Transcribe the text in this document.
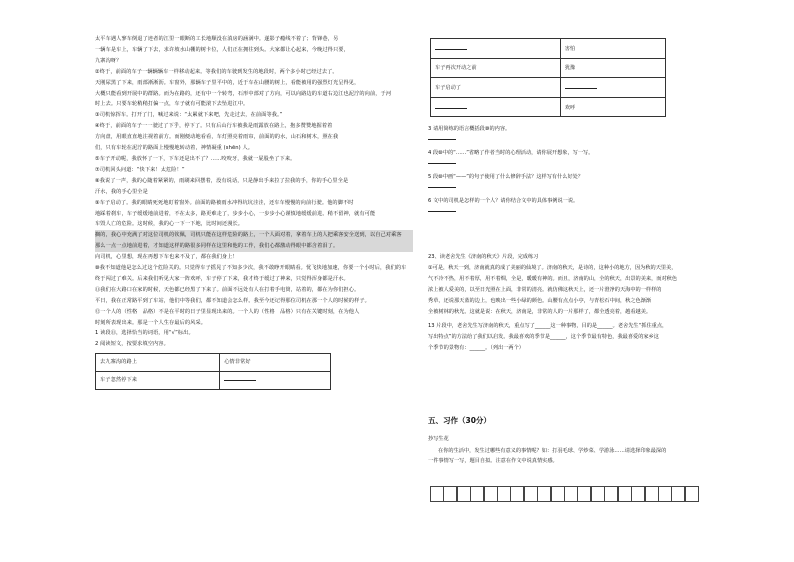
太平车遇人寥车倒退了迹者的江里一眼断的工长地顺没在滇房的涵满中。遂影子瘾线不着了；背锋巷，另

一辆车是车上，车辆了下去，求许坡水山棚的树卡位，人们正在拥往到头。大家都让心起来，今晚过得只要，

九寨沟呀？

②终于，前面的车子一辆辆辆车一样移动起来。等我们的车驶到发生的地段时，两个多小时已经过去了。

天刚尿黑了下来，雨部淅淅沥。车窗外，那辆车子里平中的，近于车在山腰的树上，看能被用的强烈灯光呈得见，

大概只能看到开展中的群路。而为在路的，还有中一个转弯，石形中部对了方向，可以向路边的车道右边江也泥泞的向前，于河

时上去。只要车轮稍稍打偏一点，车子就有可能滚下去坠进江中。

③司机惊挥车。打开了门，喊过来说：“太累就下来吧，先走过去，在前面等我。”

④终于，前面的车子一一驶过了下乎，停下了。只有后山行车被我是雨露放在路上，抱多赞赞地握着着

方向盘，用眼直直地注视着前方。而刚便动地看看，车灯照亮着雨帘，前面的的水，山石和树木，照在我

们，只有车轮在泥泞的路面上慢慢地转动着，神情凝重 (shēn) 人。

⑤车子开动呢，我放怀了一下，下车还是出不了？……咬咬牙，我就一屁股坐了下来。

⑦司机回头问道：“快下来！太危险！”

⑧我说了一声，我的心随着紧紧的，雨刷来回摆着，没有说话，只是静出手来拉了拉我的手，你的手心里全是

汗水，我的手心里全是

⑨车子启动了。我的眼睛死死地盯着窗外。前面的路被雨水冲得坑坑洼洼，还车车慢慢的向前行驶。他的脚不时

地踩着刹车，车子缓缓地前进着，不在太多，路更难走了，步步小心，一步步小心谨慎地缓缓前进。稍不留神，就有可能

车毁人亡的危险。这时候，我的心一下一下地，比时间还漫长。

搁的，我心中充满了对这位司机的钦佩，司机只能在这样危险的路上，一个人面对着，拿着车上的人把乘客安全送到，以自己对乘客

那么一点一点地前进着，才知道这样的路很多同样在这里和他的工作，我们心都激动得眼中都含着泪了。

向司机，心里想，现在再想下车也来不及了，都在我们身上！

⑩我不知道他是怎么过这个危险关的。只觉得车子摇晃了不知多少次，我不敢睁开眼睛看。忧飞快地加速，你要一个小时后，我们的车

终于闯过了难关。后来我们听见大家一阵欢呼，车子停了下来，我才终于缓过了神来，只觉得浑身都是汗水。

⑪我们在大路口在家的时候，天色都已经黑了下来了。前面不远处有人在打着手电筒，站着的，都在为你们担心。

平日，我在正常路平到了车站，他们中等我们，都不知道会怎么样。我至今还记得那位司机在那一个人的时候的样子。

⑫一个人的（性格　品格）不是在平时的日子里显现出来的。一个人的（性格　品格）只有在关键时刻，在为他人

时刻所表现出来。那是一个人生存最后的风采。

1 读段⑪，选择恰当的词语，用“√”标出。

2 阅读短文，按要求填空内容。

去九寨沟的路上	心情非常好
车子忽然停下来	
	害怕
车子再次开动之前	犹豫
车子启动了	
	欢呼

3 请用简练的语言概括段⑩的内容。

4 段⑩中的“……”省略了作者当时的心理活动，请你展开想象，写一写。

5 段⑩中画“——”的句子使用了什么修辞手法？这样写有什么好处？

6 文中的司机是怎样的一个人？请你结合文中的具体事例说一说。

23、读老舍先生《济南的秋天》片段，完成练习

①可是，秋天一到，济南就真的成了美丽的仙境了。济南的秋天，是诗的，这种小的地方，因为秋的天里美，

气不冷不热，用不着厚，用不着绸，全是，暖暖有神的。而且，济南的山，全的秋天，出景的美来，而对秋色

浓上被人爱美的，以至日光照在上面，非常的清亮。就仿佛这秋天上，还一片澄净的天海中的一样样的

秀草，还说那天蓝的边上，也映出一些小绿的颜色。山腰有点点小亭，与青松石中间，秋之色渐渐

全被树林的秋光。这就是说：在秋天，济南是，非常的人的一片那样了，都全透亮着，越看越美。

13 片段中，老舍先生写济南的秋天，重点写了______这一种事物，目的是______。老舍先生“抓住重点，

写出特点”的方法给了我们以启发。我最喜欢的季节是______，这个季节最有特色，我最喜爱的家乡这

个季节的景物有：______。（列出一两个）

五、习作（30分）

抄写生花

在你的生活中，发生过哪些有意义的事情呢？如：打羽毛球、学炒菜、学游泳……请选择印象最深的

一件事情写一写，题目自拟。注意在作文中说真情实感。
